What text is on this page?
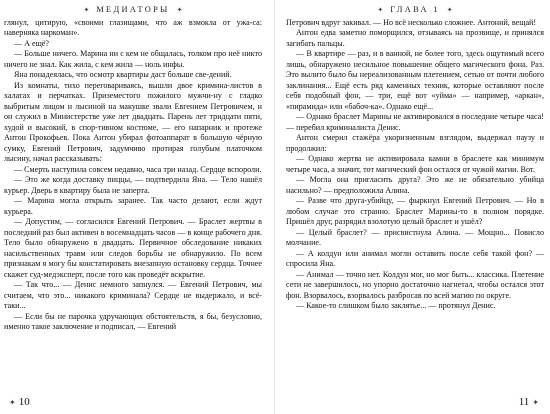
✦ МЕДИАТОРЫ ✦

глянул, цитирую, «своими глазищами, что аж взмокла от ужа-са: наверняка наркоман».

— А ещё?

— Больше ничего. Марина ни с кем не общалась, толком про неё никто ничего не знал. Как жила, с кем жила — ноль инфы.

Яна понадеялась, что осмотр квартиры даст больше све-дений.

Из комнаты, тихо переговариваясь, вышли двое кримина-листов в халатах и перчатках. Приземестого пожилого мужчи-ну с гладко выбритым лицом и лысиной на макушке звали Евгением Петровичем, и он служил в Министерстве уже лет двадцать. Парень лет тридцати пяти, худой и высокий, в спор-тивном костюме, — его напарник и протеже Антон Прокофьев. Пока Антон убирал фотоаппарат в большую чёрную сумку, Евгений Петрович, задумчиво протирая голубым платочком лысину, начал рассказывать:

— Смерть наступила совсем недавно, часа три назад. Сердце вспороли.

— Это же когда доставку пиццы, — подтвердила Яна. — Тело нашёл курьер. Дверь в квартиру была не заперта.

— Марина могла открыть заранее. Так часто делают, если ждут курьера.

— Допустим, — согласился Евгений Петрович. — Браслет жертвы в последний раз был активен в восемнадцать часов — в конце рабочего дня. Тело было обнаружено в двадцать. Первичное обследование никаких насильственных травм или следов борьбы не обнаружило. По всем признакам я могу бы констатировать внезапную остановку сердца. Точнее скажет суд-медэксперт, после того как проведёт вскрытие.

— Так что... — Денис немного запнулся. — Евгений Петрович, мы считаем, что это... никакого криминала? Сердце не выдержало, и всё-таки...

— Если бы не парочка удручающих обстоятельств, я бы, безусловно, именно такое заключение и подписал, — Евгений

✦ ГЛАВА 1 ✦

Петрович вдруг закивал. — Но всё несколько сложнее. Антоний, вещай!

Антон едва заметно поморщился, отзываясь на прозвище, и принялся загибать пальцы.

— В квартире — раз, и в ванной, не более того, здесь ощутимый всего лишь, обнаружено несильное повышение общего магического фона. Раз. Это вылито было бы нереализованным плетением, сетью от почти любого заклинания... Ещё есть ряд каменных техник, которые оставляют после себя подобный фон, — три, ещё вот «уйма» — например, «аркан», «пирамида» или «бабоч-ка». Однако ещё...

— Однако браслет Марины не активировался в последние четыре часа! — перебил криминалиста Денис.

Антон смерил стажёра укоризненным взглядом, выдержал паузу и продолжил:

— Однако жертва не активировала камни в браслете как минимум четыре часа, а значит, тот магический фон остался от чужой магии. Вот.

— Могла она пригласить друга? Это же не обязательно убийца насильно? — предположила Алина.

— Разве что друга-убийцу, — фыркнул Евгений Петрович. — Но в любом случае это странно. Браслет Марины-то в полном порядке. Пришёл друг, разрядил взолотую целый браслет и ушёл?

— Целый браслет? — присвистнула Алина. — Мощно... Повисло молчание.

— А колдун или анимал могли оставить после себя такой фон? — спросила Яна.

— Анимал — точно нет. Колдун мог, но мог быть... классика. Плетение сети не завершилось, но упорно достаточно нагнетал, чтобы остался этот фон. Взорвалось, взорвалось разбросав по всей магию по округе.

— Какое-то слишком было заклятье... — протянул Денис.

✦ 10	11 ✦
